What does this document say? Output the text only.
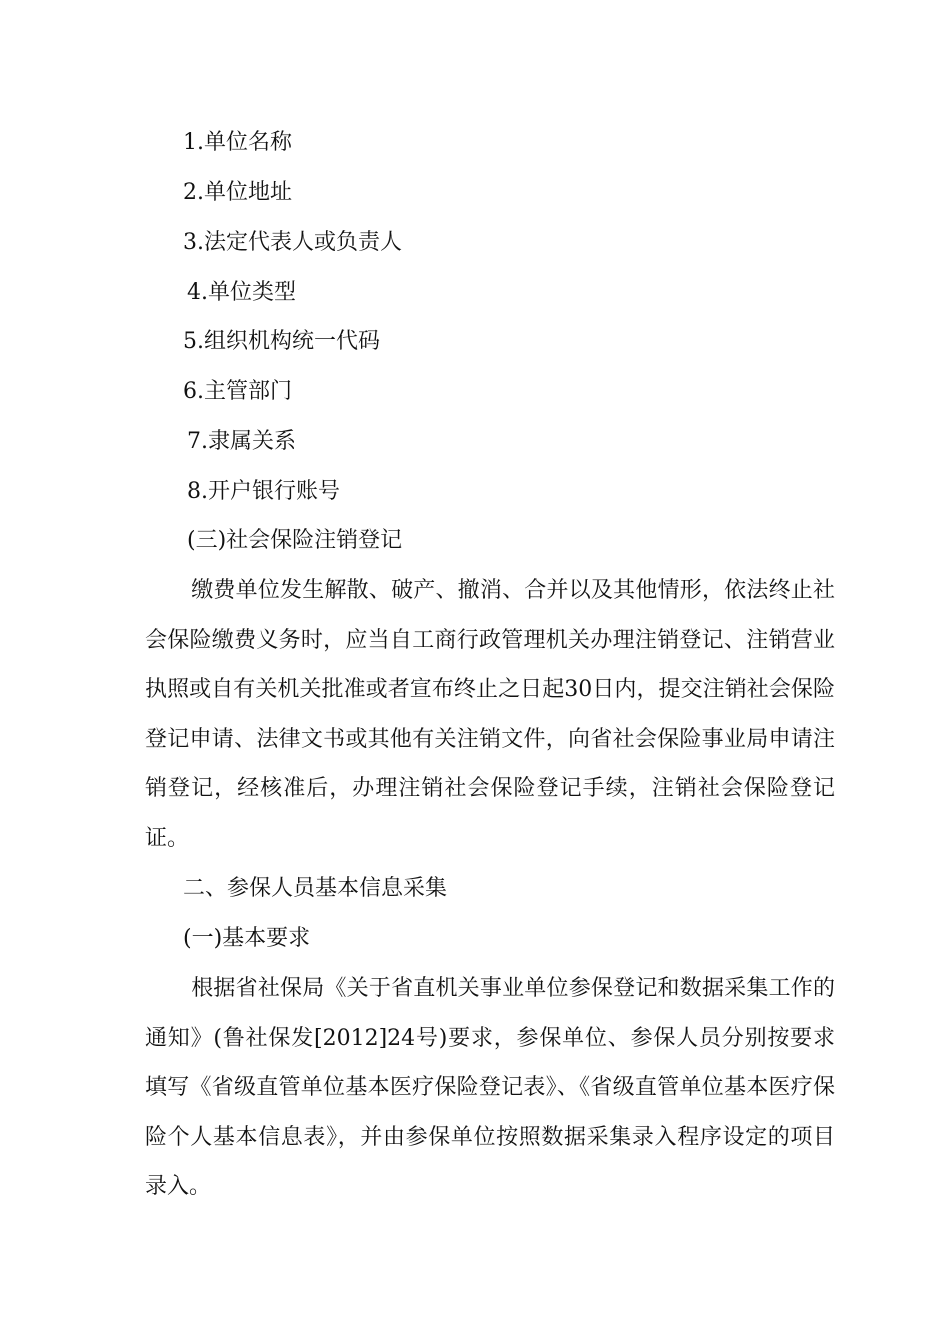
1.单位名称
2.单位地址
3.法定代表人或负责人
4.单位类型
5.组织机构统一代码
6.主管部门
7.隶属关系
8.开户银行账号
(三)社会保险注销登记
缴费单位发生解散、破产、撤消、合并以及其他情形，依法终止社会保险缴费义务时，应当自工商行政管理机关办理注销登记、注销营业执照或自有关机关批准或者宣布终止之日起30日内，提交注销社会保险登记申请、法律文书或其他有关注销文件，向省社会保险事业局申请注销登记，经核准后，办理注销社会保险登记手续，注销社会保险登记证。
二、参保人员基本信息采集
(一)基本要求
根据省社保局《关于省直机关事业单位参保登记和数据采集工作的通知》(鲁社保发[2012]24号)要求，参保单位、参保人员分别按要求填写《省级直管单位基本医疗保险登记表》、《省级直管单位基本医疗保险个人基本信息表》，并由参保单位按照数据采集录入程序设定的项目录入。
